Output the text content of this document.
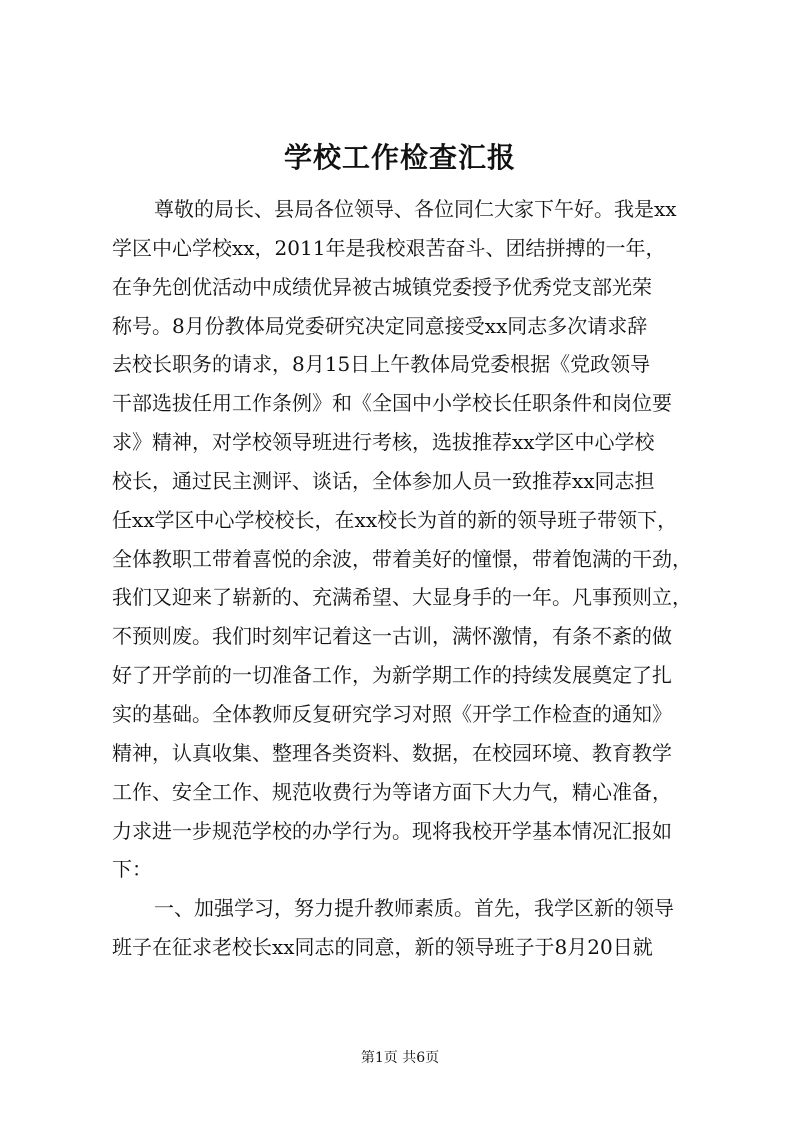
学校工作检查汇报
尊敬的局长、县局各位领导、各位同仁大家下午好。我是xx
学区中心学校xx，2011年是我校艰苦奋斗、团结拼搏的一年，
在争先创优活动中成绩优异被古城镇党委授予优秀党支部光荣
称号。8月份教体局党委研究决定同意接受xx同志多次请求辞
去校长职务的请求，8月15日上午教体局党委根据《党政领导
干部选拔任用工作条例》和《全国中小学校长任职条件和岗位要
求》精神，对学校领导班进行考核，选拔推荐xx学区中心学校
校长，通过民主测评、谈话，全体参加人员一致推荐xx同志担
任xx学区中心学校校长，在xx校长为首的新的领导班子带领下，
全体教职工带着喜悦的余波，带着美好的憧憬，带着饱满的干劲，
我们又迎来了崭新的、充满希望、大显身手的一年。凡事预则立，
不预则废。我们时刻牢记着这一古训，满怀激情，有条不紊的做
好了开学前的一切准备工作，为新学期工作的持续发展奠定了扎
实的基础。全体教师反复研究学习对照《开学工作检查的通知》
精神，认真收集、整理各类资料、数据，在校园环境、教育教学
工作、安全工作、规范收费行为等诸方面下大力气，精心准备，
力求进一步规范学校的办学行为。现将我校开学基本情况汇报如
下：
一、加强学习，努力提升教师素质。首先，我学区新的领导
班子在征求老校长xx同志的同意，新的领导班子于8月20日就
第1页 共6页
